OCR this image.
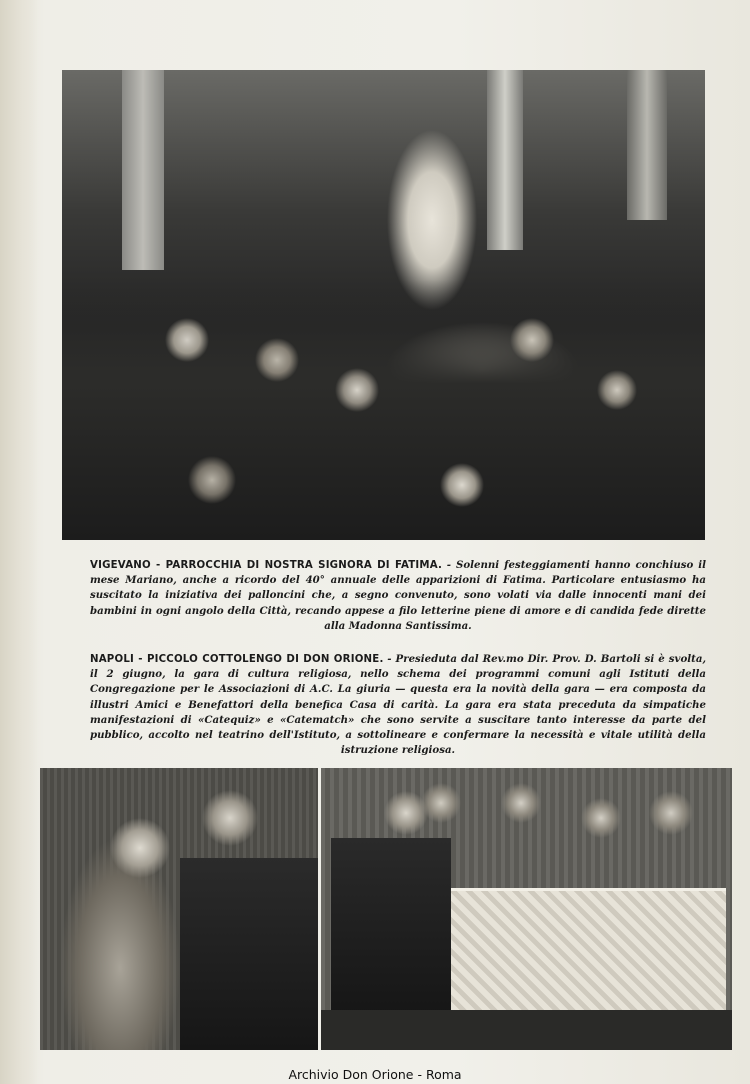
VIGEVANO - PARROCCHIA DI NOSTRA SIGNORA DI FATIMA. - Solenni festeggiamenti hanno conchiuso il mese Mariano, anche a ricordo del 40° annuale delle apparizioni di Fatima. Particolare entusiasmo ha suscitato la iniziativa dei palloncini che, a segno convenuto, sono volati via dalle innocenti mani dei bambini in ogni angolo della Città, recando appese a filo letterine piene di amore e di candida fede dirette alla Madonna Santissima.

NAPOLI - PICCOLO COTTOLENGO DI DON ORIONE. - Presieduta dal Rev.mo Dir. Prov. D. Bartoli si è svolta, il 2 giugno, la gara di cultura religiosa, nello schema dei programmi comuni agli Istituti della Congregazione per le Associazioni di A.C. La giuria — questa era la novità della gara — era composta da illustri Amici e Benefattori della benefica Casa di carità. La gara era stata preceduta da simpatiche manifestazioni di «Catequiz» e «Catematch» che sono servite a suscitare tanto interesse da parte del pubblico, accolto nel teatrino dell'Istituto, a sottolineare e confermare la necessità e vitale utilità della istruzione religiosa.

Archivio Don Orione - Roma
